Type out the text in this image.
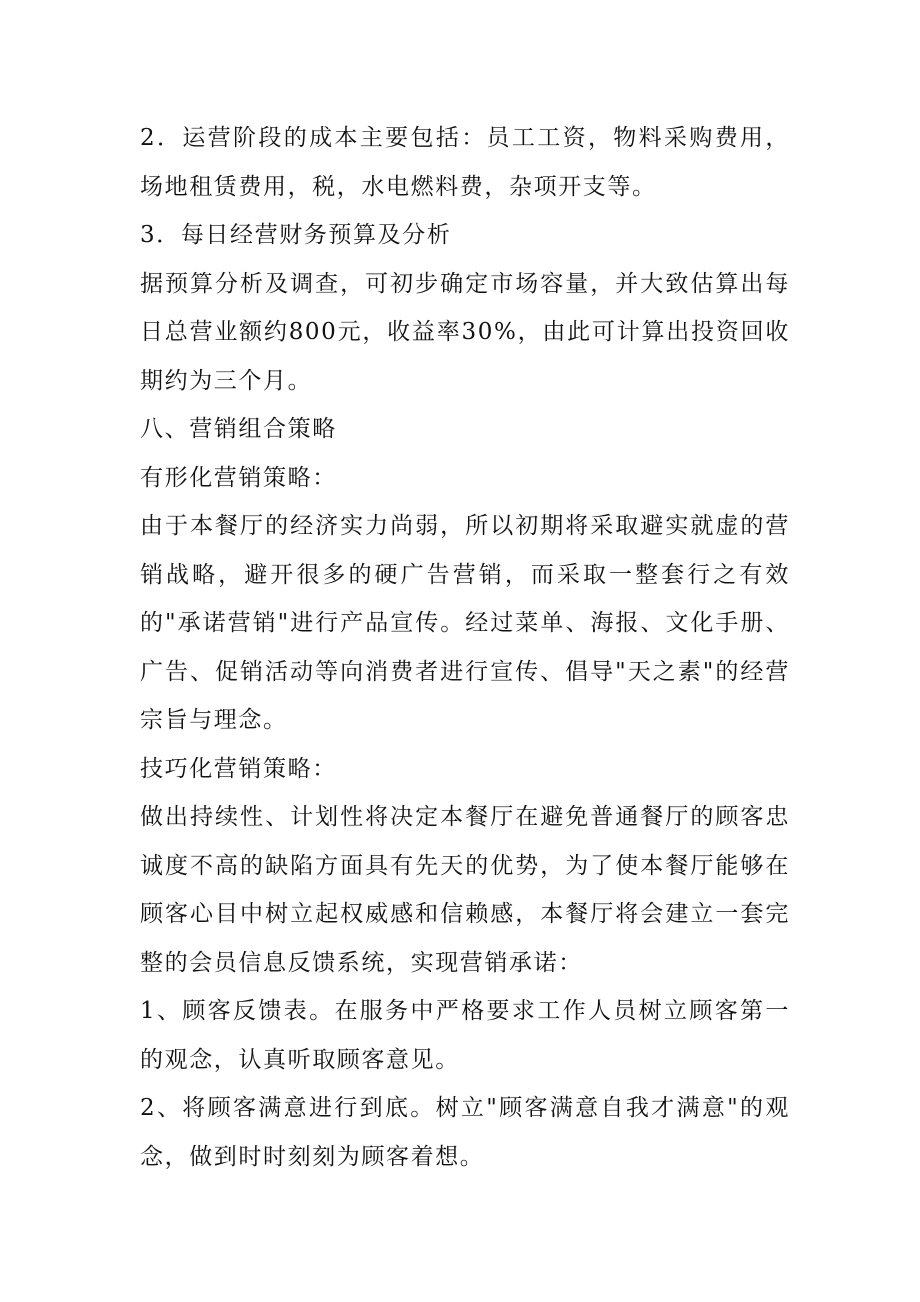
2．运营阶段的成本主要包括：员工工资，物料采购费用，场地租赁费用，税，水电燃料费，杂项开支等。

3．每日经营财务预算及分析

据预算分析及调查，可初步确定市场容量，并大致估算出每日总营业额约800元，收益率30%，由此可计算出投资回收期约为三个月。

八、营销组合策略

有形化营销策略：

由于本餐厅的经济实力尚弱，所以初期将采取避实就虚的营销战略，避开很多的硬广告营销，而采取一整套行之有效的"承诺营销"进行产品宣传。经过菜单、海报、文化手册、广告、促销活动等向消费者进行宣传、倡导"天之素"的经营宗旨与理念。

技巧化营销策略：

做出持续性、计划性将决定本餐厅在避免普通餐厅的顾客忠诚度不高的缺陷方面具有先天的优势，为了使本餐厅能够在顾客心目中树立起权威感和信赖感，本餐厅将会建立一套完整的会员信息反馈系统，实现营销承诺：

1、顾客反馈表。在服务中严格要求工作人员树立顾客第一的观念，认真听取顾客意见。

2、将顾客满意进行到底。树立"顾客满意自我才满意"的观念，做到时时刻刻为顾客着想。
